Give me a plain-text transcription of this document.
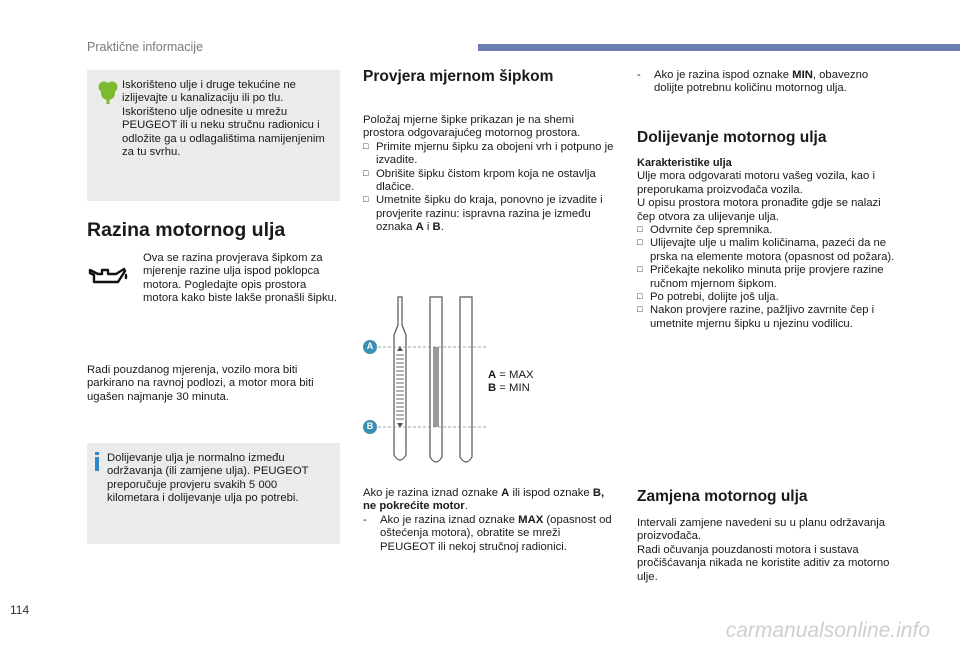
Praktične informacije
Iskorišteno ulje i druge tekućine ne izlijevajte u kanalizaciju ili po tlu. Iskorišteno ulje odnesite u mrežu PEUGEOT ili u neku stručnu radionicu i odložite ga u odlagalištima namijenjenim za tu svrhu.
Razina motornog ulja
Ova se razina provjerava šipkom za mjerenje razine ulja ispod poklopca motora. Pogledajte opis prostora motora kako biste lakše pronašli šipku.
Radi pouzdanog mjerenja, vozilo mora biti parkirano na ravnoj podlozi, a motor mora biti ugašen najmanje 30 minuta.
Dolijevanje ulja je normalno između održavanja (ili zamjene ulja). PEUGEOT preporučuje provjeru svakih 5 000 kilometara i dolijevanje ulja po potrebi.
Provjera mjernom šipkom

Položaj mjerne šipke prikazan je na shemi prostora odgovarajućeg motornog prostora.

□ Primite mjernu šipku za obojeni vrh i potpuno je izvadite.
□ Obrišite šipku čistom krpom koja ne ostavlja dlačice.
□ Umetnite šipku do kraja, ponovno je izvadite i provjerite razinu: ispravna razina je između oznaka A i B.
A
B
A = MAX
B = MIN

Ako je razina iznad oznake A ili ispod oznake B, ne pokrećite motor.

- Ako je razina iznad oznake MAX (opasnost od oštećenja motora), obratite se mreži PEUGEOT ili nekoj stručnoj radionici.
- Ako je razina ispod oznake MIN, obavezno dolijte potrebnu količinu motornog ulja.
Dolijevanje motornog ulja

Karakteristike ulja

Ulje mora odgovarati motoru vašeg vozila, kao i preporukama proizvođača vozila.

U opisu prostora motora pronađite gdje se nalazi čep otvora za ulijevanje ulja.

□ Odvrnite čep spremnika.
□ Ulijevajte ulje u malim količinama, pazeći da ne prska na elemente motora (opasnost od požara).
□ Pričekajte nekoliko minuta prije provjere razine ručnom mjernom šipkom.
□ Po potrebi, dolijte još ulja.
□ Nakon provjere razine, pažljivo zavrnite čep i umetnite mjernu šipku u njezinu vodilicu.
Zamjena motornog ulja

Intervali zamjene navedeni su u planu održavanja proizvođača.

Radi očuvanja pouzdanosti motora i sustava pročišćavanja nikada ne koristite aditiv za motorno ulje.

114
carmanualsonline.info
